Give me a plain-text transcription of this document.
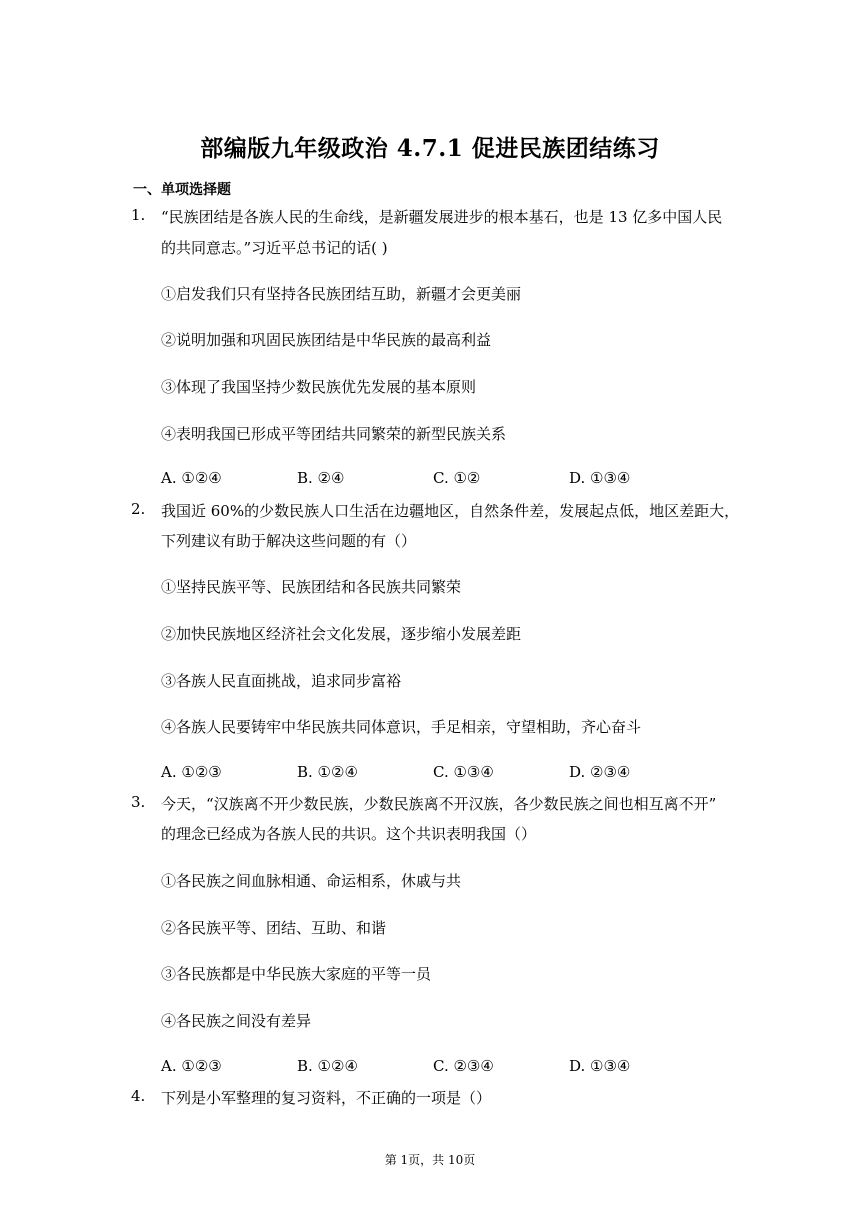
部编版九年级政治 4.7.1 促进民族团结练习
一、单项选择题
1. “民族团结是各族人民的生命线，是新疆发展进步的根本基石，也是 13 亿多中国人民
的共同意志。”习近平总书记的话( )
①启发我们只有坚持各民族团结互助，新疆才会更美丽
②说明加强和巩固民族团结是中华民族的最高利益
③体现了我国坚持少数民族优先发展的基本原则
④表明我国已形成平等团结共同繁荣的新型民族关系
A. ①②④	B. ②④	C. ①②	D. ①③④
2. 我国近 60%的少数民族人口生活在边疆地区，自然条件差，发展起点低，地区差距大，
下列建议有助于解决这些问题的有（）
①坚持民族平等、民族团结和各民族共同繁荣
②加快民族地区经济社会文化发展，逐步缩小发展差距
③各族人民直面挑战，追求同步富裕
④各族人民要铸牢中华民族共同体意识，手足相亲，守望相助，齐心奋斗
A. ①②③	B. ①②④	C. ①③④	D. ②③④
3. 今天，“汉族离不开少数民族，少数民族离不开汉族，各少数民族之间也相互离不开”
的理念已经成为各族人民的共识。这个共识表明我国（）
①各民族之间血脉相通、命运相系，休戚与共
②各民族平等、团结、互助、和谐
③各民族都是中华民族大家庭的平等一员
④各民族之间没有差异
A. ①②③	B. ①②④	C. ②③④	D. ①③④
4. 下列是小军整理的复习资料，不正确的一项是（）
第 1页，共 10页
